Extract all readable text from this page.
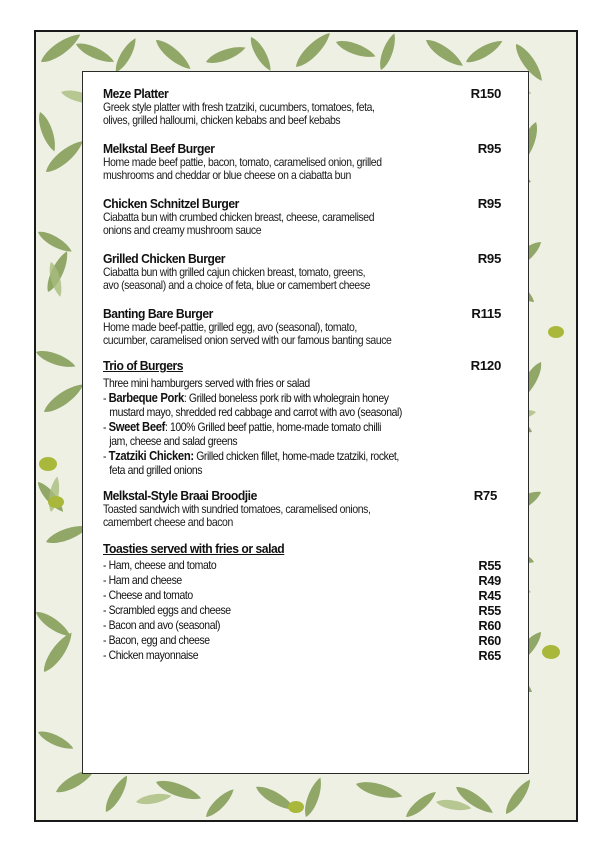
Meze Platter	R150
Greek style platter with fresh tzatziki, cucumbers, tomatoes, feta,
olives, grilled halloumi, chicken kebabs and beef kebabs
Melkstal Beef Burger	R95
Home made beef pattie, bacon, tomato, caramelised onion, grilled
mushrooms and cheddar or blue cheese on a ciabatta bun
Chicken Schnitzel Burger	R95
Ciabatta bun with crumbed chicken breast, cheese, caramelised
onions and creamy mushroom sauce
Grilled Chicken Burger	R95
Ciabatta bun with grilled cajun chicken breast, tomato, greens,
avo (seasonal) and a choice of feta, blue or camembert cheese
Banting Bare Burger	R115
Home made beef-pattie, grilled egg, avo (seasonal), tomato,
cucumber, caramelised onion served with our famous banting sauce
Trio of Burgers	R120
Three mini hamburgers served with fries or salad
- Barbeque Pork: Grilled boneless pork rib with wholegrain honey
mustard mayo, shredded red cabbage and carrot with avo (seasonal)
- Sweet Beef: 100% Grilled beef pattie, home-made tomato chilli
jam, cheese and salad greens
- Tzatziki Chicken: Grilled chicken fillet, home-made tzatziki, rocket,
feta and grilled onions
Melkstal-Style Braai Broodjie	R75
Toasted sandwich with sundried tomatoes, caramelised onions,
camembert cheese and bacon
Toasties served with fries or salad
- Ham, cheese and tomato	R55
- Ham and cheese	R49
- Cheese and tomato	R45
- Scrambled eggs and cheese	R55
- Bacon and avo (seasonal)	R60
- Bacon, egg and cheese	R60
- Chicken mayonnaise	R65
